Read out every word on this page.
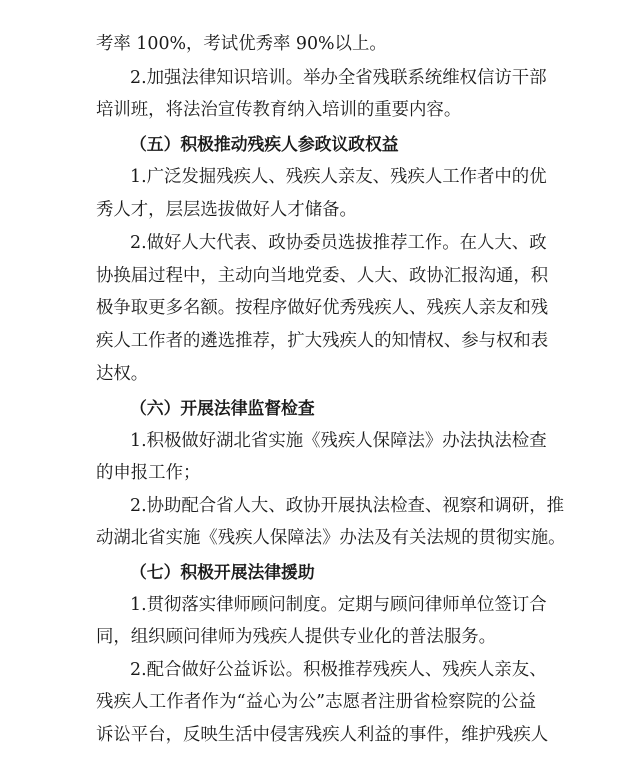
考率 100%，考试优秀率 90%以上。
2.加强法律知识培训。举办全省残联系统维权信访干部
培训班，将法治宣传教育纳入培训的重要内容。
（五）积极推动残疾人参政议政权益
1.广泛发掘残疾人、残疾人亲友、残疾人工作者中的优
秀人才，层层选拔做好人才储备。
2.做好人大代表、政协委员选拔推荐工作。在人大、政
协换届过程中，主动向当地党委、人大、政协汇报沟通，积
极争取更多名额。按程序做好优秀残疾人、残疾人亲友和残
疾人工作者的遴选推荐，扩大残疾人的知情权、参与权和表
达权。
（六）开展法律监督检查
1.积极做好湖北省实施《残疾人保障法》办法执法检查
的申报工作；
2.协助配合省人大、政协开展执法检查、视察和调研，推
动湖北省实施《残疾人保障法》办法及有关法规的贯彻实施。
（七）积极开展法律援助
1.贯彻落实律师顾问制度。定期与顾问律师单位签订合
同，组织顾问律师为残疾人提供专业化的普法服务。
2.配合做好公益诉讼。积极推荐残疾人、残疾人亲友、
残疾人工作者作为“益心为公”志愿者注册省检察院的公益
诉讼平台，反映生活中侵害残疾人利益的事件，维护残疾人
